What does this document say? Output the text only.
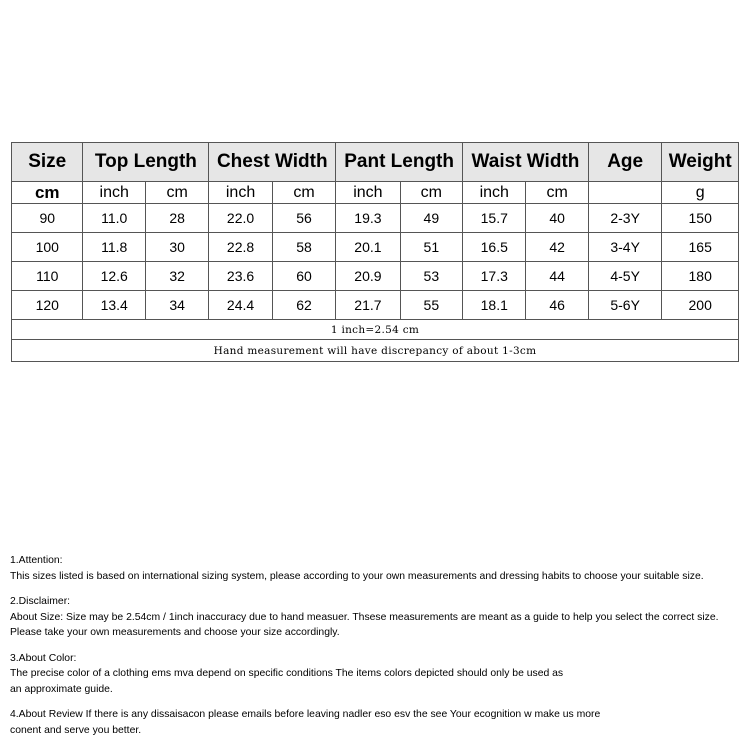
Size	Top Length		Chest Width		Pant Length		Waist Width		Age	Weight
cm	inch	cm	inch	cm	inch	cm	inch	cm		g
90	11.0	28	22.0	56	19.3	49	15.7	40	2-3Y	150
100	11.8	30	22.8	58	20.1	51	16.5	42	3-4Y	165
110	12.6	32	23.6	60	20.9	53	17.3	44	4-5Y	180
120	13.4	34	24.4	62	21.7	55	18.1	46	5-6Y	200
1 inch=2.54 cm										
Hand measurement will have discrepancy of about 1-3cm										
1.Attention:
This sizes listed is based on international sizing system, please according to your own measurements and dressing habits to choose your suitable size.
2.Disclaimer:
About Size: Size may be 2.54cm / 1inch inaccuracy due to hand measuer. Thsese measurements are meant as a guide to help you select the correct size.
Please take your own measurements and choose your size accordingly.
3.About Color:
The precise color of a clothing ems mva depend on specific conditions The items colors depicted should only be used as
an approximate guide.
4.About Review If there is any dissaisacon please emails before leaving nadler eso esv the see Your ecognition w make us more
conent and serve you better.
